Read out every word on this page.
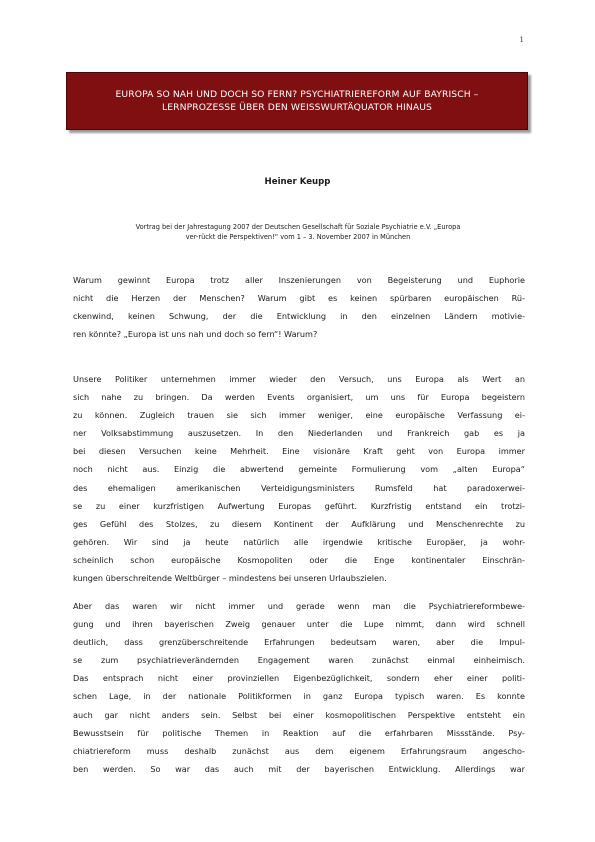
1
EUROPA SO NAH UND DOCH SO FERN? PSYCHIATRIEREFORM AUF BAYRISCH –
LERNPROZESSE ÜBER DEN WEISSWURTÄQUATOR HINAUS
Heiner Keupp
Vortrag bei der Jahrestagung 2007 der Deutschen Gesellschaft für Soziale Psychiatrie e.V. „Europa
ver-rückt die Perspektiven!“ vom 1 – 3. November 2007 in München
Warum gewinnt Europa trotz aller Inszenierungen von Begeisterung und Euphorie
nicht die Herzen der Menschen? Warum gibt es keinen spürbaren europäischen Rü-
ckenwind, keinen Schwung, der die Entwicklung in den einzelnen Ländern motivie-
ren könnte? „Europa ist uns nah und doch so fern“! Warum?
Unsere Politiker unternehmen immer wieder den Versuch, uns Europa als Wert an
sich nahe zu bringen. Da werden Events organisiert, um uns für Europa begeistern
zu können. Zugleich trauen sie sich immer weniger, eine europäische Verfassung ei-
ner Volksabstimmung auszusetzen. In den Niederlanden und Frankreich gab es ja
bei diesen Versuchen keine Mehrheit. Eine visionäre Kraft geht von Europa immer
noch nicht aus. Einzig die abwertend gemeinte Formulierung vom „alten Europa“
des ehemaligen amerikanischen Verteidigungsministers Rumsfeld hat paradoxerwei-
se zu einer kurzfristigen Aufwertung Europas geführt. Kurzfristig entstand ein trotzi-
ges Gefühl des Stolzes, zu diesem Kontinent der Aufklärung und Menschenrechte zu
gehören. Wir sind ja heute natürlich alle irgendwie kritische Europäer, ja wohr-
scheinlich schon europäische Kosmopoliten oder die Enge kontinentaler Einschrän-
kungen überschreitende Weltbürger – mindestens bei unseren Urlaubszielen.
Aber das waren wir nicht immer und gerade wenn man die Psychiatriereformbewe-
gung und ihren bayerischen Zweig genauer unter die Lupe nimmt, dann wird schnell
deutlich, dass grenzüberschreitende Erfahrungen bedeutsam waren, aber die Impul-
se zum psychiatrieverändernden Engagement waren zunächst einmal einheimisch.
Das entsprach nicht einer provinziellen Eigenbezüglichkeit, sondern eher einer politi-
schen Lage, in der nationale Politikformen in ganz Europa typisch waren. Es konnte
auch gar nicht anders sein. Selbst bei einer kosmopolitischen Perspektive entsteht ein
Bewusstsein für politische Themen in Reaktion auf die erfahrbaren Missstände. Psy-
chiatriereform muss deshalb zunächst aus dem eigenem Erfahrungsraum angescho-
ben werden. So war das auch mit der bayerischen Entwicklung. Allerdings war
